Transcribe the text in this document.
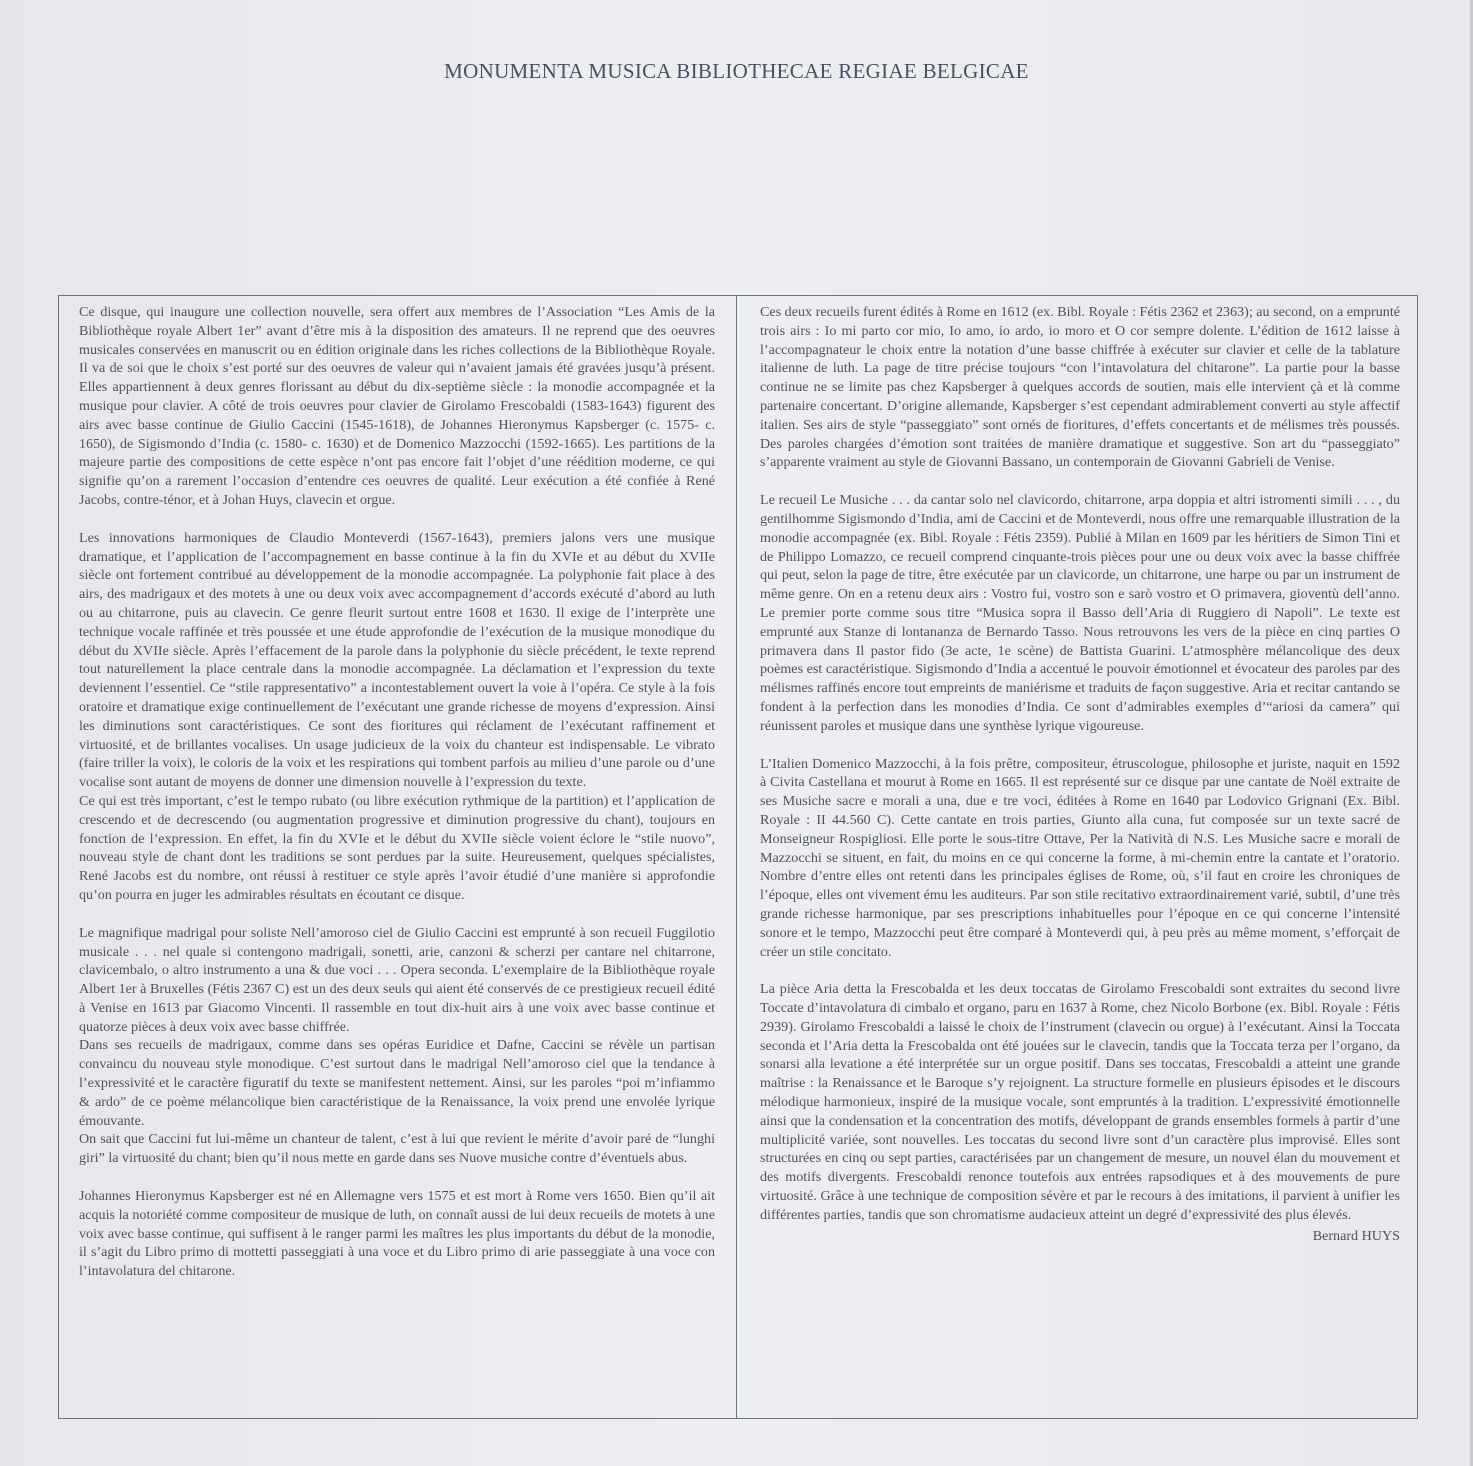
MONUMENTA MUSICA BIBLIOTHECAE REGIAE BELGICAE

Ce disque, qui inaugure une collection nouvelle, sera offert aux membres de l’Association “Les Amis de la Bibliothèque royale Albert 1er” avant d’être mis à la disposition des amateurs. Il ne reprend que des oeuvres musicales conservées en manuscrit ou en édition originale dans les riches collections de la Bibliothèque Royale. Il va de soi que le choix s’est porté sur des oeuvres de valeur qui n’avaient jamais été gravées jusqu’à présent. Elles appartiennent à deux genres florissant au début du dix-septième siècle : la monodie accompagnée et la musique pour clavier. A côté de trois oeuvres pour clavier de Girolamo Frescobaldi (1583-1643) figurent des airs avec basse continue de Giulio Caccini (1545-1618), de Johannes Hieronymus Kapsberger (c. 1575- c. 1650), de Sigismondo d’India (c. 1580- c. 1630) et de Domenico Mazzocchi (1592-1665). Les partitions de la majeure partie des compositions de cette espèce n’ont pas encore fait l’objet d’une réédition moderne, ce qui signifie qu’on a rarement l’occasion d’entendre ces oeuvres de qualité. Leur exécution a été confiée à René Jacobs, contre-ténor, et à Johan Huys, clavecin et orgue.

Les innovations harmoniques de Claudio Monteverdi (1567-1643), premiers jalons vers une musique dramatique, et l’application de l’accompagnement en basse continue à la fin du XVIe et au début du XVIIe siècle ont fortement contribué au développement de la monodie accompagnée. La polyphonie fait place à des airs, des madrigaux et des motets à une ou deux voix avec accompagnement d’accords exécuté d’abord au luth ou au chitarrone, puis au clavecin. Ce genre fleurit surtout entre 1608 et 1630. Il exige de l’interprète une technique vocale raffinée et très poussée et une étude approfondie de l’exécution de la musique monodique du début du XVIIe siècle. Après l’effacement de la parole dans la polyphonie du siècle précédent, le texte reprend tout naturellement la place centrale dans la monodie accompagnée. La déclamation et l’expression du texte deviennent l’essentiel. Ce “stile rappresentativo” a incontestablement ouvert la voie à l’opéra. Ce style à la fois oratoire et dramatique exige continuellement de l’exécutant une grande richesse de moyens d’expression. Ainsi les diminutions sont caractéristiques. Ce sont des fioritures qui réclament de l’exécutant raffinement et virtuosité, et de brillantes vocalises. Un usage judicieux de la voix du chanteur est indispensable. Le vibrato (faire triller la voix), le coloris de la voix et les respirations qui tombent parfois au milieu d’une parole ou d’une vocalise sont autant de moyens de donner une dimension nouvelle à l’expression du texte.

Ce qui est très important, c’est le tempo rubato (ou libre exécution rythmique de la partition) et l’application de crescendo et de decrescendo (ou augmentation progressive et diminution progressive du chant), toujours en fonction de l’expression. En effet, la fin du XVIe et le début du XVIIe siècle voient éclore le “stile nuovo”, nouveau style de chant dont les traditions se sont perdues par la suite. Heureusement, quelques spécialistes, René Jacobs est du nombre, ont réussi à restituer ce style après l’avoir étudié d’une manière si approfondie qu’on pourra en juger les admirables résultats en écoutant ce disque.

Le magnifique madrigal pour soliste Nell’amoroso ciel de Giulio Caccini est emprunté à son recueil Fuggilotio musicale . . . nel quale si contengono madrigali, sonetti, arie, canzoni & scherzi per cantare nel chitarrone, clavicembalo, o altro instrumento a una & due voci . . . Opera seconda. L’exemplaire de la Bibliothèque royale Albert 1er à Bruxelles (Fétis 2367 C) est un des deux seuls qui aient été conservés de ce prestigieux recueil édité à Venise en 1613 par Giacomo Vincenti. Il rassemble en tout dix-huit airs à une voix avec basse continue et quatorze pièces à deux voix avec basse chiffrée.

Dans ses recueils de madrigaux, comme dans ses opéras Euridice et Dafne, Caccini se révèle un partisan convaincu du nouveau style monodique. C’est surtout dans le madrigal Nell’amoroso ciel que la tendance à l’expressivité et le caractère figuratif du texte se manifestent nettement. Ainsi, sur les paroles “poi m’infiammo & ardo” de ce poème mélancolique bien caractéristique de la Renaissance, la voix prend une envolée lyrique émouvante.

On sait que Caccini fut lui-même un chanteur de talent, c’est à lui que revient le mérite d’avoir paré de “lunghi giri” la virtuosité du chant; bien qu’il nous mette en garde dans ses Nuove musiche contre d’éventuels abus.

Johannes Hieronymus Kapsberger est né en Allemagne vers 1575 et est mort à Rome vers 1650. Bien qu’il ait acquis la notoriété comme compositeur de musique de luth, on connaît aussi de lui deux recueils de motets à une voix avec basse continue, qui suffisent à le ranger parmi les maîtres les plus importants du début de la monodie, il s’agit du Libro primo di mottetti passeggiati à una voce et du Libro primo di arie passeggiate à una voce con l’intavolatura del chitarone.

Ces deux recueils furent édités à Rome en 1612 (ex. Bibl. Royale : Fétis 2362 et 2363); au second, on a emprunté trois airs : Io mi parto cor mio, Io amo, io ardo, io moro et O cor sempre dolente. L’édition de 1612 laisse à l’accompagnateur le choix entre la notation d’une basse chiffrée à exécuter sur clavier et celle de la tablature italienne de luth. La page de titre précise toujours “con l’intavolatura del chitarone”. La partie pour la basse continue ne se limite pas chez Kapsberger à quelques accords de soutien, mais elle intervient çà et là comme partenaire concertant. D’origine allemande, Kapsberger s’est cependant admirablement converti au style affectif italien. Ses airs de style “passeggiato” sont ornés de fioritures, d’effets concertants et de mélismes très poussés. Des paroles chargées d’émotion sont traitées de manière dramatique et suggestive. Son art du “passeggiato” s’apparente vraiment au style de Giovanni Bassano, un contemporain de Giovanni Gabrieli de Venise.

Le recueil Le Musiche . . . da cantar solo nel clavicordo, chitarrone, arpa doppia et altri istromenti simili . . . , du gentilhomme Sigismondo d’India, ami de Caccini et de Monteverdi, nous offre une remarquable illustration de la monodie accompagnée (ex. Bibl. Royale : Fétis 2359). Publié à Milan en 1609 par les héritiers de Simon Tini et de Philippo Lomazzo, ce recueil comprend cinquante-trois pièces pour une ou deux voix avec la basse chiffrée qui peut, selon la page de titre, être exécutée par un clavicorde, un chitarrone, une harpe ou par un instrument de même genre. On en a retenu deux airs : Vostro fui, vostro son e sarò vostro et O primavera, gioventù dell’anno. Le premier porte comme sous titre “Musica sopra il Basso dell’Aria di Ruggiero di Napoli”. Le texte est emprunté aux Stanze di lontananza de Bernardo Tasso. Nous retrouvons les vers de la pièce en cinq parties O primavera dans Il pastor fido (3e acte, 1e scène) de Battista Guarini. L’atmosphère mélancolique des deux poèmes est caractéristique. Sigismondo d’India a accentué le pouvoir émotionnel et évocateur des paroles par des mélismes raffinés encore tout empreints de maniérisme et traduits de façon suggestive. Aria et recitar cantando se fondent à la perfection dans les monodies d’India. Ce sont d’admirables exemples d’“ariosi da camera” qui réunissent paroles et musique dans une synthèse lyrique vigoureuse.

L’Italien Domenico Mazzocchi, à la fois prêtre, compositeur, étruscologue, philosophe et juriste, naquit en 1592 à Civita Castellana et mourut à Rome en 1665. Il est représenté sur ce disque par une cantate de Noël extraite de ses Musiche sacre e morali a una, due e tre voci, éditées à Rome en 1640 par Lodovico Grignani (Ex. Bibl. Royale : II 44.560 C). Cette cantate en trois parties, Giunto alla cuna, fut composée sur un texte sacré de Monseigneur Rospigliosi. Elle porte le sous-titre Ottave, Per la Natività di N.S. Les Musiche sacre e morali de Mazzocchi se situent, en fait, du moins en ce qui concerne la forme, à mi-chemin entre la cantate et l’oratorio. Nombre d’entre elles ont retenti dans les principales églises de Rome, où, s’il faut en croire les chroniques de l’époque, elles ont vivement ému les auditeurs. Par son stile recitativo extraordinairement varié, subtil, d’une très grande richesse harmonique, par ses prescriptions inhabituelles pour l’époque en ce qui concerne l’intensité sonore et le tempo, Mazzocchi peut être comparé à Monteverdi qui, à peu près au même moment, s’efforçait de créer un stile concitato.

La pièce Aria detta la Frescobalda et les deux toccatas de Girolamo Frescobaldi sont extraites du second livre Toccate d’intavolatura di cimbalo et organo, paru en 1637 à Rome, chez Nicolo Borbone (ex. Bibl. Royale : Fétis 2939). Girolamo Frescobaldi a laissé le choix de l’instrument (clavecin ou orgue) à l’exécutant. Ainsi la Toccata seconda et l’Aria detta la Frescobalda ont été jouées sur le clavecin, tandis que la Toccata terza per l’organo, da sonarsi alla levatione a été interprétée sur un orgue positif. Dans ses toccatas, Frescobaldi a atteint une grande maîtrise : la Renaissance et le Baroque s’y rejoignent. La structure formelle en plusieurs épisodes et le discours mélodique harmonieux, inspiré de la musique vocale, sont empruntés à la tradition. L’expressivité émotionnelle ainsi que la condensation et la concentration des motifs, développant de grands ensembles formels à partir d’une multiplicité variée, sont nouvelles. Les toccatas du second livre sont d’un caractère plus improvisé. Elles sont structurées en cinq ou sept parties, caractérisées par un changement de mesure, un nouvel élan du mouvement et des motifs divergents. Frescobaldi renonce toutefois aux entrées rapsodiques et à des mouvements de pure virtuosité. Grâce à une technique de composition sévère et par le recours à des imitations, il parvient à unifier les différentes parties, tandis que son chromatisme audacieux atteint un degré d’expressivité des plus élevés.

Bernard HUYS
